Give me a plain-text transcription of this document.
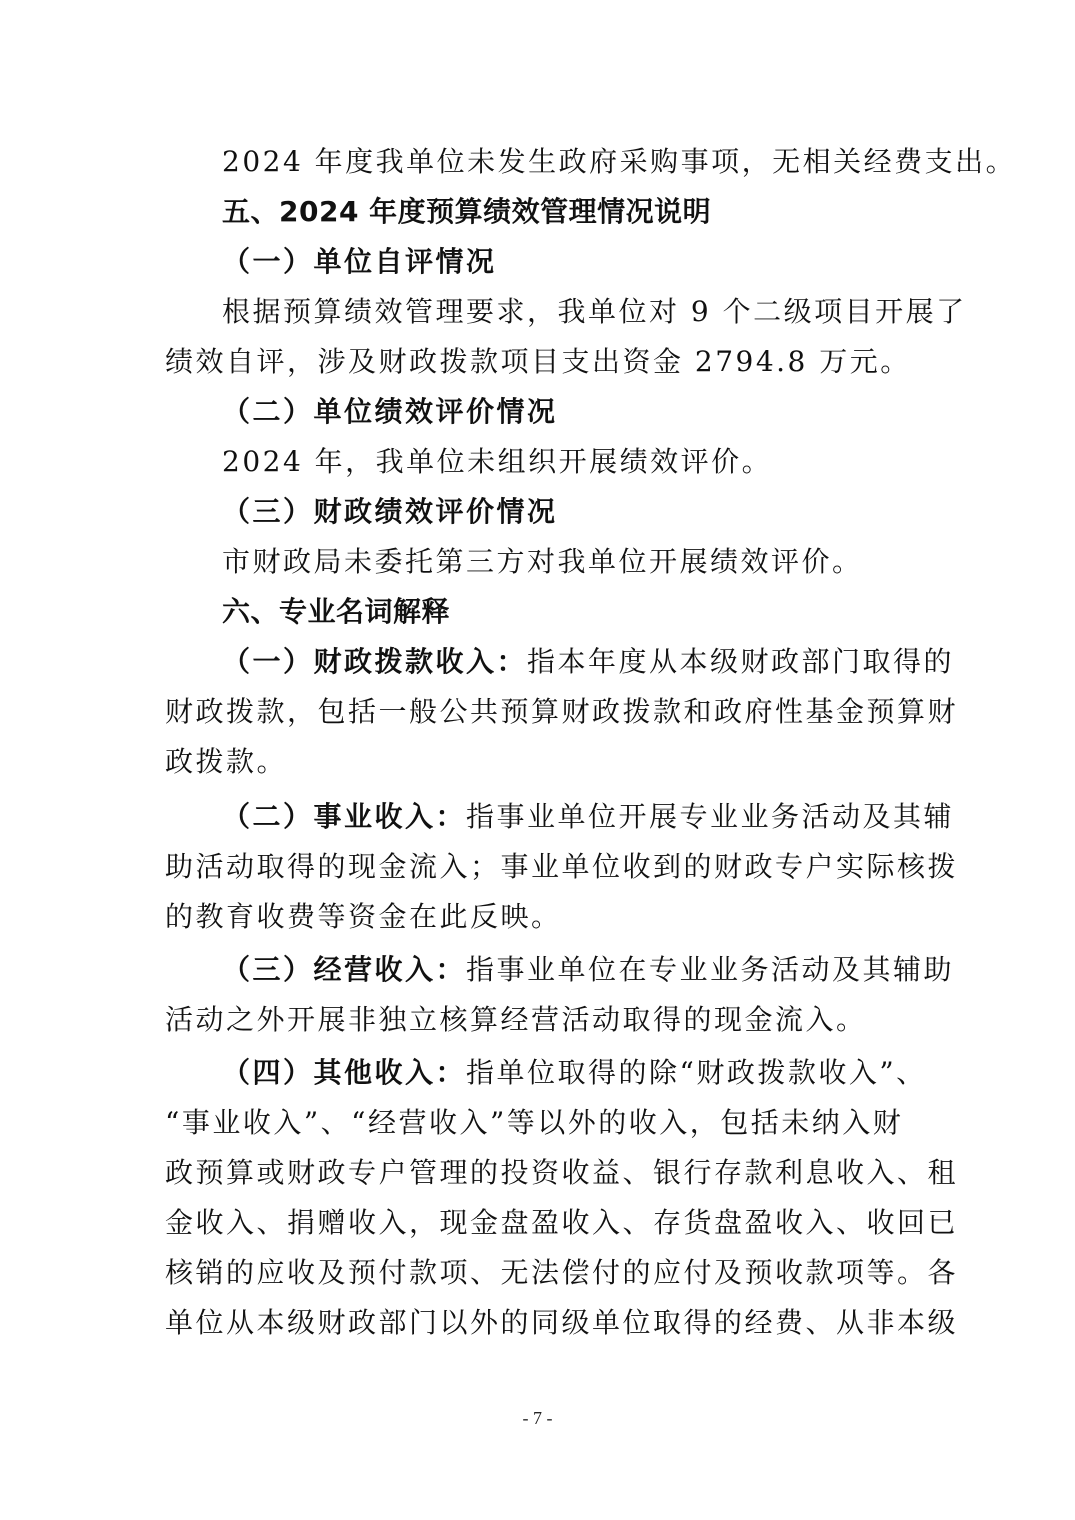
2024 年度我单位未发生政府采购事项，无相关经费支出。
五、2024 年度预算绩效管理情况说明
（一）单位自评情况
根据预算绩效管理要求，我单位对 9 个二级项目开展了
绩效自评，涉及财政拨款项目支出资金 2794.8 万元。
（二）单位绩效评价情况
2024 年，我单位未组织开展绩效评价。
（三）财政绩效评价情况
市财政局未委托第三方对我单位开展绩效评价。
六、专业名词解释
（一）财政拨款收入：指本年度从本级财政部门取得的
财政拨款，包括一般公共预算财政拨款和政府性基金预算财
政拨款。
（二）事业收入：指事业单位开展专业业务活动及其辅
助活动取得的现金流入；事业单位收到的财政专户实际核拨
的教育收费等资金在此反映。
（三）经营收入：指事业单位在专业业务活动及其辅助
活动之外开展非独立核算经营活动取得的现金流入。
（四）其他收入：指单位取得的除“财政拨款收入”、
“事业收入”、“经营收入”等以外的收入，包括未纳入财
政预算或财政专户管理的投资收益、银行存款利息收入、租
金收入、捐赠收入，现金盘盈收入、存货盘盈收入、收回已
核销的应收及预付款项、无法偿付的应付及预收款项等。各
单位从本级财政部门以外的同级单位取得的经费、从非本级
- 7 -
